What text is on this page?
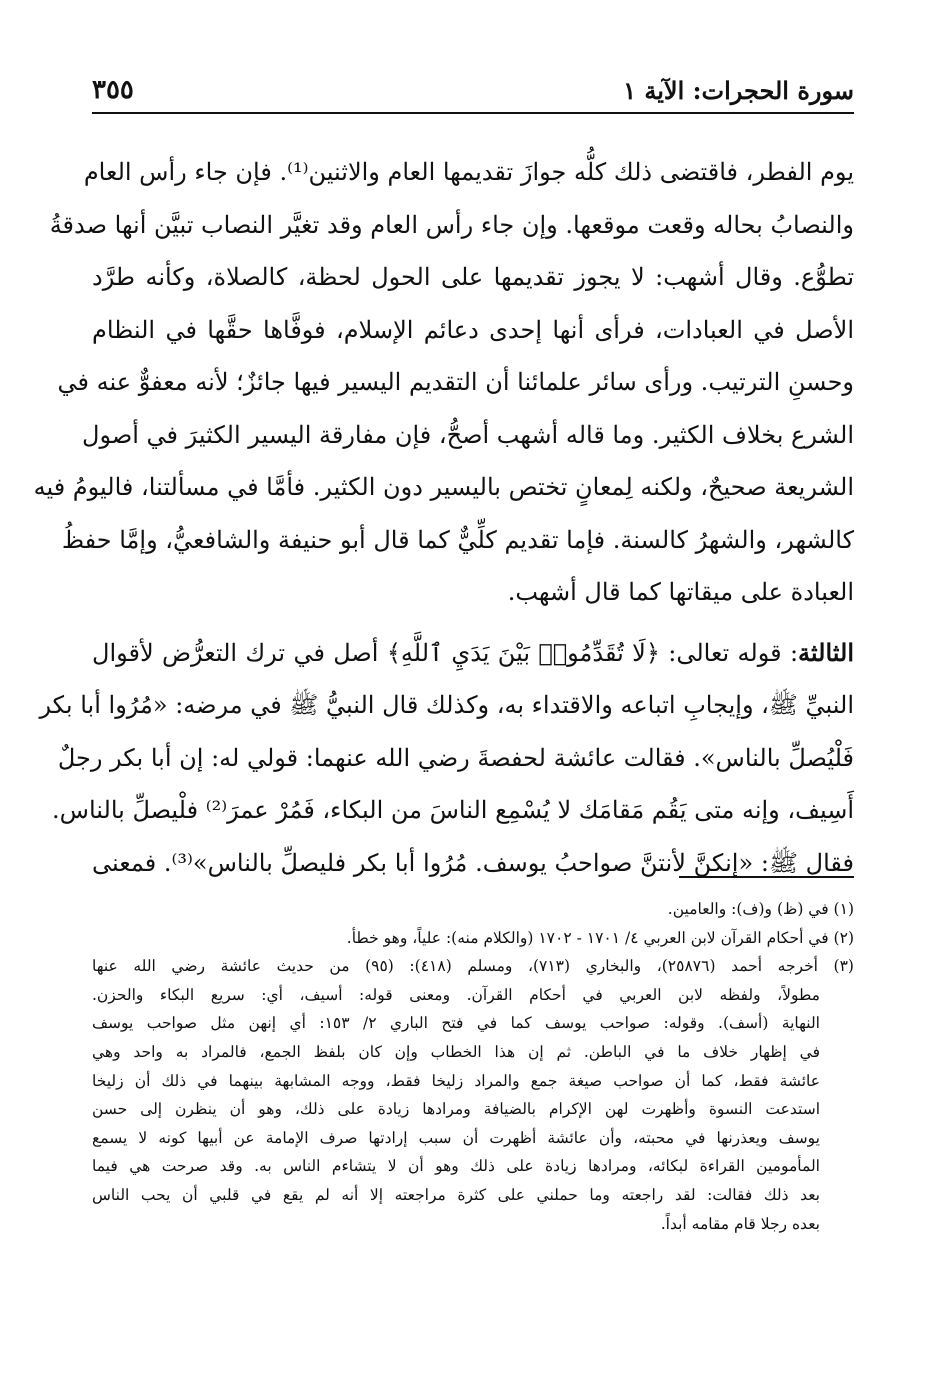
سورة الحجرات: الآية ١
٣٥٥

يوم الفطر، فاقتضى ذلك كلُّه جوازَ تقديمها العام والاثنين⁽¹⁾. فإن جاء رأس العام
والنصابُ بحاله وقعت موقعها. وإن جاء رأس العام وقد تغيَّر النصاب تبيَّن أنها صدقةُ
تطوُّع. وقال أشهب: لا يجوز تقديمها على الحول لحظة، كالصلاة، وكأنه طرَّد
الأصل في العبادات، فرأى أنها إحدى دعائم الإسلام، فوفَّاها حقَّها في النظام
وحسنِ الترتيب. ورأى سائر علمائنا أن التقديم اليسير فيها جائزٌ؛ لأنه معفوٌّ عنه في
الشرع بخلاف الكثير. وما قاله أشهب أصحُّ، فإن مفارقة اليسير الكثيرَ في أصول
الشريعة صحيحٌ، ولكنه لِمعانٍ تختص باليسير دون الكثير. فأمَّا في مسألتنا، فاليومُ فيه
كالشهر، والشهرُ كالسنة. فإما تقديم كلِّيٌّ كما قال أبو حنيفة والشافعيُّ، وإمَّا حفظُ
العبادة على ميقاتها كما قال أشهب.

الثالثة: قوله تعالى: ﴿لَا تُقَدِّمُوا۟ بَيْنَ يَدَيِ ٱللَّهِ﴾ أصل في ترك التعرُّض لأقوال
النبيِّ ﷺ، وإيجابِ اتباعه والاقتداء به، وكذلك قال النبيُّ ﷺ في مرضه: «مُرُوا أبا بكر
فَلْيُصلِّ بالناس». فقالت عائشة لحفصةَ رضي الله عنهما: قولي له: إن أبا بكر رجلٌ
أَسِيف، وإنه متى يَقُم مَقامَك لا يُسْمِع الناسَ من البكاء، فَمُرْ عمرَ⁽²⁾ فلْيصلِّ بالناس.
فقال ﷺ: «إنكنَّ لأنتنَّ صواحبُ يوسف. مُرُوا أبا بكر فليصلِّ بالناس»⁽³⁾. فمعنى

(١) في (ظ) و(ف): والعامين.
(٢) في أحكام القرآن لابن العربي ٤/ ١٧٠١ - ١٧٠٢ (والكلام منه): علياً، وهو خطأ.
(٣) أخرجه أحمد (٢٥٨٧٦)، والبخاري (٧١٣)، ومسلم (٤١٨): (٩٥) من حديث عائشة رضي الله عنها
مطولاً، ولفظه لابن العربي في أحكام القرآن. ومعنى قوله: أسيف، أي: سريع البكاء والحزن.
النهاية (أسف). وقوله: صواحب يوسف كما في فتح الباري ٢/ ١٥٣: أي إنهن مثل صواحب يوسف
في إظهار خلاف ما في الباطن. ثم إن هذا الخطاب وإن كان بلفظ الجمع، فالمراد به واحد وهي
عائشة فقط، كما أن صواحب صيغة جمع والمراد زليخا فقط، ووجه المشابهة بينهما في ذلك أن زليخا
استدعت النسوة وأظهرت لهن الإكرام بالضيافة ومرادها زيادة على ذلك، وهو أن ينظرن إلى حسن
يوسف ويعذرنها في محبته، وأن عائشة أظهرت أن سبب إرادتها صرف الإمامة عن أبيها كونه لا يسمع
المأمومين القراءة لبكائه، ومرادها زيادة على ذلك وهو أن لا يتشاءم الناس به. وقد صرحت هي فيما
بعد ذلك فقالت: لقد راجعته وما حملني على كثرة مراجعته إلا أنه لم يقع في قلبي أن يحب الناس
بعده رجلا قام مقامه أبداً.
